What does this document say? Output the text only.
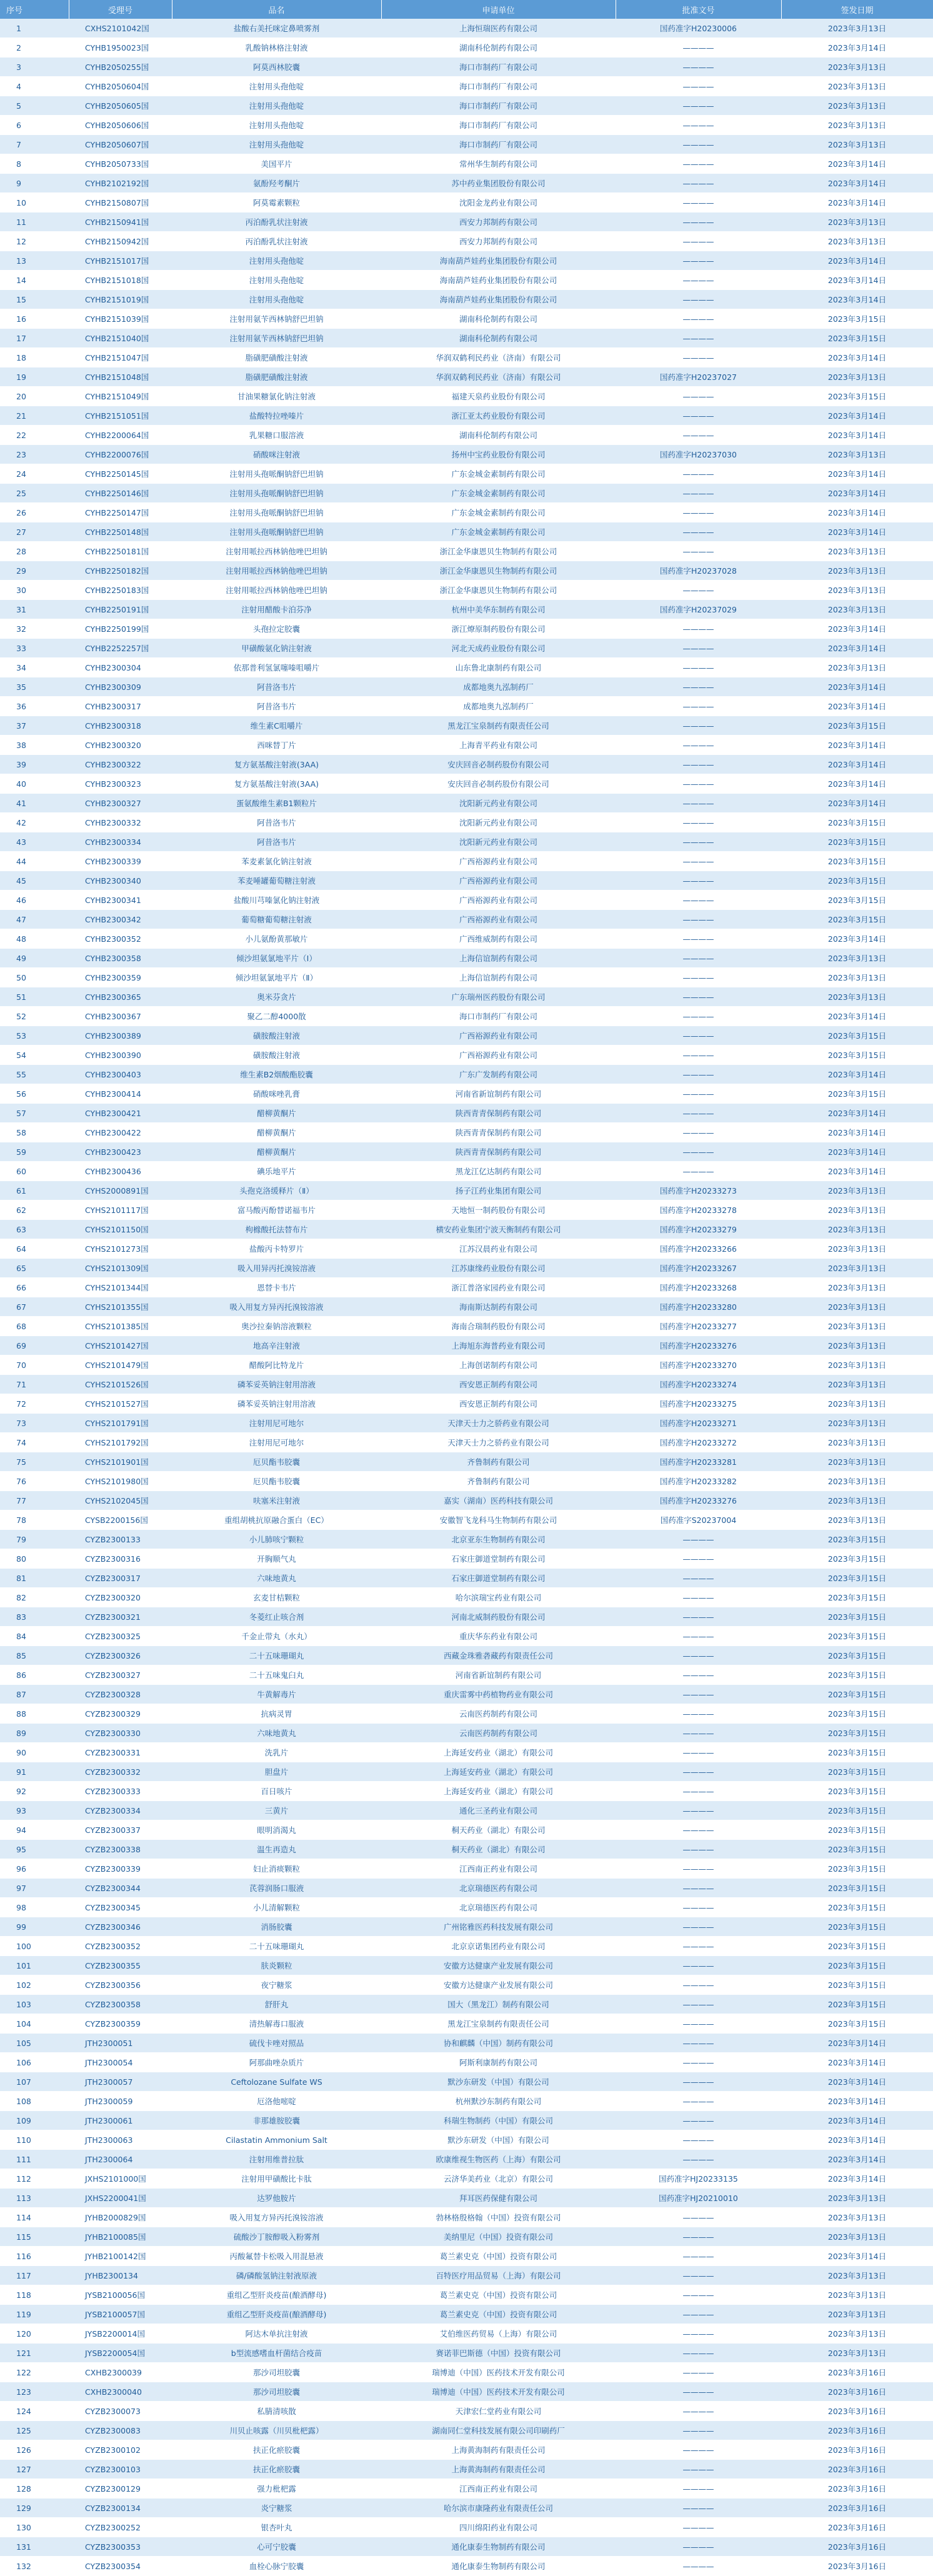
序号	受理号	品名	申请单位	批准文号	签发日期
1	CXHS2101042国	盐酸右美托咪定鼻喷雾剂	上海恒瑞医药有限公司	国药准字H20230006	2023年3月13日
2	CYHB1950023国	乳酸钠林格注射液	湖南科伦制药有限公司	————	2023年3月14日
3	CYHB2050255国	阿莫西林胶囊	海口市制药厂有限公司	————	2023年3月13日
4	CYHB2050604国	注射用头孢他啶	海口市制药厂有限公司	————	2023年3月13日
5	CYHB2050605国	注射用头孢他啶	海口市制药厂有限公司	————	2023年3月13日
6	CYHB2050606国	注射用头孢他啶	海口市制药厂有限公司	————	2023年3月13日
7	CYHB2050607国	注射用头孢他啶	海口市制药厂有限公司	————	2023年3月13日
8	CYHB2050733国	美国平片	常州华生制药有限公司	————	2023年3月14日
9	CYHB2102192国	氨酚羟考酮片	苏中药业集团股份有限公司	————	2023年3月14日
10	CYHB2150807国	阿莫霉素颗粒	沈阳金龙药业有限公司	————	2023年3月14日
11	CYHB2150941国	丙泊酚乳状注射液	西安力邦制药有限公司	————	2023年3月13日
12	CYHB2150942国	丙泊酚乳状注射液	西安力邦制药有限公司	————	2023年3月13日
13	CYHB2151017国	注射用头孢他啶	海南葫芦娃药业集团股份有限公司	————	2023年3月14日
14	CYHB2151018国	注射用头孢他啶	海南葫芦娃药业集团股份有限公司	————	2023年3月14日
15	CYHB2151019国	注射用头孢他啶	海南葫芦娃药业集团股份有限公司	————	2023年3月14日
16	CYHB2151039国	注射用氨苄西林钠舒巴坦钠	湖南科伦制药有限公司	————	2023年3月15日
17	CYHB2151040国	注射用氨苄西林钠舒巴坦钠	湖南科伦制药有限公司	————	2023年3月15日
18	CYHB2151047国	脂磺肥磺酸注射液	华润双鹤利民药业（济南）有限公司	————	2023年3月14日
19	CYHB2151048国	脂磺肥磺酸注射液	华润双鹤利民药业（济南）有限公司	国药准字H20237027	2023年3月13日
20	CYHB2151049国	甘油果糖氯化钠注射液	福建天泉药业股份有限公司	————	2023年3月15日
21	CYHB2151051国	盐酸特拉唑嗪片	浙江亚太药业股份有限公司	————	2023年3月14日
22	CYHB2200064国	乳果糖口服溶液	湖南科伦制药有限公司	————	2023年3月14日
23	CYHB2200076国	硝酸咪注射液	扬州中宝药业股份有限公司	国药准字H20237030	2023年3月13日
24	CYHB2250145国	注射用头孢哌酮钠舒巴坦钠	广东金城金素制药有限公司	————	2023年3月14日
25	CYHB2250146国	注射用头孢哌酮钠舒巴坦钠	广东金城金素制药有限公司	————	2023年3月14日
26	CYHB2250147国	注射用头孢哌酮钠舒巴坦钠	广东金城金素制药有限公司	————	2023年3月14日
27	CYHB2250148国	注射用头孢哌酮钠舒巴坦钠	广东金城金素制药有限公司	————	2023年3月14日
28	CYHB2250181国	注射用哌拉西林钠他唑巴坦钠	浙江金华康恩贝生物制药有限公司	————	2023年3月13日
29	CYHB2250182国	注射用哌拉西林钠他唑巴坦钠	浙江金华康恩贝生物制药有限公司	国药准字H20237028	2023年3月13日
30	CYHB2250183国	注射用哌拉西林钠他唑巴坦钠	浙江金华康恩贝生物制药有限公司	————	2023年3月13日
31	CYHB2250191国	注射用醋酸卡泊芬净	杭州中美华东制药有限公司	国药准字H20237029	2023年3月13日
32	CYHB2250199国	头孢拉定胶囊	浙江燎原制药股份有限公司	————	2023年3月14日
33	CYHB2252257国	甲磺酸氨化钠注射液	河北天成药业股份有限公司	————	2023年3月14日
34	CYHB2300304	依那普利氢氯噻嗪咀嚼片	山东鲁北康制药有限公司	————	2023年3月13日
35	CYHB2300309	阿昔洛韦片	成都地奥九泓制药厂	————	2023年3月14日
36	CYHB2300317	阿昔洛韦片	成都地奥九泓制药厂	————	2023年3月14日
37	CYHB2300318	维生素C咀嚼片	黑龙江宝泉制药有限责任公司	————	2023年3月15日
38	CYHB2300320	西咪替丁片	上海青平药业有限公司	————	2023年3月14日
39	CYHB2300322	复方氨基酸注射液(3AA)	安庆回音必制药股份有限公司	————	2023年3月14日
40	CYHB2300323	复方氨基酸注射液(3AA)	安庆回音必制药股份有限公司	————	2023年3月14日
41	CYHB2300327	蛋氨酸维生素B1颗粒片	沈阳新元药业有限公司	————	2023年3月14日
42	CYHB2300332	阿昔洛韦片	沈阳新元药业有限公司	————	2023年3月15日
43	CYHB2300334	阿昔洛韦片	沈阳新元药业有限公司	————	2023年3月15日
44	CYHB2300339	苯麦素氯化钠注射液	广西裕源药业有限公司	————	2023年3月15日
45	CYHB2300340	苯麦唾罐葡萄糖注射液	广西裕源药业有限公司	————	2023年3月15日
46	CYHB2300341	盐酸川芎嗪氯化钠注射液	广西裕源药业有限公司	————	2023年3月15日
47	CYHB2300342	葡萄糖葡萄糖注射液	广西裕源药业有限公司	————	2023年3月15日
48	CYHB2300352	小儿氨酚黄那敏片	广西维威制药有限公司	————	2023年3月14日
49	CYHB2300358	倾沙坦氨氯地平片（Ⅰ）	上海信谊制药有限公司	————	2023年3月13日
50	CYHB2300359	倾沙坦氨氯地平片（Ⅱ）	上海信谊制药有限公司	————	2023年3月13日
51	CYHB2300365	奥米芬贪片	广东瑞州医药股份有限公司	————	2023年3月13日
52	CYHB2300367	聚乙二醇4000散	海口市制药厂有限公司	————	2023年3月14日
53	CYHB2300389	磺胺酸注射液	广西裕源药业有限公司	————	2023年3月15日
54	CYHB2300390	磺胺酸注射液	广西裕源药业有限公司	————	2023年3月15日
55	CYHB2300403	维生素B2烟酸酯胶囊	广东广发制药有限公司	————	2023年3月14日
56	CYHB2300414	硝酸咪唑乳膏	河南省新谊制药有限公司	————	2023年3月15日
57	CYHB2300421	醋柳黄酮片	陕西青青保制药有限公司	————	2023年3月14日
58	CYHB2300422	醋柳黄酮片	陕西青青保制药有限公司	————	2023年3月14日
59	CYHB2300423	醋柳黄酮片	陕西青青保制药有限公司	————	2023年3月14日
60	CYHB2300436	碘乐地平片	黑龙江亿达制药有限公司	————	2023年3月14日
61	CYHS2000891国	头孢克洛缓释片（Ⅱ）	扬子江药业集团有限公司	国药准字H20233273	2023年3月13日
62	CYHS2101117国	富马酸丙酚替诺福韦片	天地恒一制药股份有限公司	国药准字H20233278	2023年3月13日
63	CYHS2101150国	枸橼酸托法替布片	横安药业集团宁波天衡制药有限公司	国药准字H20233279	2023年3月13日
64	CYHS2101273国	盐酸丙卡特罗片	江苏汉晨药业有限公司	国药准字H20233266	2023年3月13日
65	CYHS2101309国	吸入用异丙托溴铵溶液	江苏康缘药业股份有限公司	国药准字H20233267	2023年3月13日
66	CYHS2101344国	恩替卡韦片	浙江普洛家园药业有限公司	国药准字H20233268	2023年3月13日
67	CYHS2101355国	吸入用复方异丙托溴铵溶液	海南斯达制药有限公司	国药准字H20233280	2023年3月13日
68	CYHS2101385国	奥沙拉秦钠溶液颗粒	海南合瑞制药股份有限公司	国药准字H20233277	2023年3月13日
69	CYHS2101427国	地高辛注射液	上海旭东海普药业有限公司	国药准字H20233276	2023年3月13日
70	CYHS2101479国	醋酸阿比特龙片	上海创诺制药有限公司	国药准字H20233270	2023年3月13日
71	CYHS2101526国	磷苯妥英钠注射用溶液	西安恩正制药有限公司	国药准字H20233274	2023年3月13日
72	CYHS2101527国	磷苯妥英钠注射用溶液	西安恩正制药有限公司	国药准字H20233275	2023年3月13日
73	CYHS2101791国	注射用尼可地尔	天津天士力之骄药业有限公司	国药准字H20233271	2023年3月13日
74	CYHS2101792国	注射用尼可地尔	天津天士力之骄药业有限公司	国药准字H20233272	2023年3月13日
75	CYHS2101901国	厄贝酯韦胶囊	齐鲁制药有限公司	国药准字H20233281	2023年3月13日
76	CYHS2101980国	厄贝酯韦胶囊	齐鲁制药有限公司	国药准字H20233282	2023年3月13日
77	CYHS2102045国	呋塞米注射液	嘉实（湖南）医药科技有限公司	国药准字H20233276	2023年3月13日
78	CYSB2200156国	重组胡桃抗原融合蛋白（EC）	安徽智飞龙科马生物制药有限公司	国药准字S20237004	2023年3月13日
79	CYZB2300133	小儿肺咳宁颗粒	北京亚东生物制药有限公司	————	2023年3月15日
80	CYZB2300316	开胸顺气丸	石家庄御道堂制药有限公司	————	2023年3月15日
81	CYZB2300317	六味地黄丸	石家庄御道堂制药有限公司	————	2023年3月15日
82	CYZB2300320	玄麦甘桔颗粒	哈尔滨瑞宝药业有限公司	————	2023年3月15日
83	CYZB2300321	冬菱红止咳合剂	河南北威制药股份有限公司	————	2023年3月15日
84	CYZB2300325	千金止带丸（水丸）	重庆华东药业有限公司	————	2023年3月15日
85	CYZB2300326	二十五味珊瑚丸	西藏金珠雅砻藏药有限责任公司	————	2023年3月15日
86	CYZB2300327	二十五味鬼臼丸	河南省新谊制药有限公司	————	2023年3月15日
87	CYZB2300328	牛黄解毒片	重庆雷雾中药植物药业有限公司	————	2023年3月15日
88	CYZB2300329	抗病灵胃	云南医药制药有限公司	————	2023年3月15日
89	CYZB2300330	六味地黄丸	云南医药制药有限公司	————	2023年3月15日
90	CYZB2300331	洗乳片	上海延安药业（湖北）有限公司	————	2023年3月15日
91	CYZB2300332	胆盘片	上海延安药业（湖北）有限公司	————	2023年3月15日
92	CYZB2300333	百日咳片	上海延安药业（湖北）有限公司	————	2023年3月15日
93	CYZB2300334	三黄片	通化三圣药业有限公司	————	2023年3月15日
94	CYZB2300337	眼明消渴丸	桐天药业（湖北）有限公司	————	2023年3月15日
95	CYZB2300338	温生再造丸	桐天药业（湖北）有限公司	————	2023年3月15日
96	CYZB2300339	妇止消痰颗粒	江西南正药业有限公司	————	2023年3月15日
97	CYZB2300344	芪蓉润肠口服液	北京瑞德医药有限公司	————	2023年3月15日
98	CYZB2300345	小儿清解颗粒	北京瑞德医药有限公司	————	2023年3月15日
99	CYZB2300346	消肠胶囊	广州铭雅医药科技发展有限公司	————	2023年3月15日
100	CYZB2300352	二十五味珊瑚丸	北京京诺集团药业有限公司	————	2023年3月15日
101	CYZB2300355	肤炎颗粒	安徽方达健康产业发展有限公司	————	2023年3月15日
102	CYZB2300356	夜宁糖浆	安徽方达健康产业发展有限公司	————	2023年3月15日
103	CYZB2300358	舒肝丸	国大（黑龙江）制药有限公司	————	2023年3月15日
104	CYZB2300359	清热解毒口服液	黑龙江宝泉制药有限责任公司	————	2023年3月15日
105	JTH2300051	硫伐卡唑对照品	协和麒麟（中国）制药有限公司	————	2023年3月14日
106	JTH2300054	阿那曲唑杂质片	阿斯利康制药有限公司	————	2023年3月14日
107	JTH2300057	Ceftolozane Sulfate WS	默沙东研发（中国）有限公司	————	2023年3月14日
108	JTH2300059	厄洛他嘧啶	杭州默沙东制药有限公司	————	2023年3月14日
109	JTH2300061	非那雄胺胶囊	科瑞生物制药（中国）有限公司	————	2023年3月14日
110	JTH2300063	Cilastatin Ammonium Salt	默沙东研发（中国）有限公司	————	2023年3月14日
111	JTH2300064	注射用维普拉肽	欧康维视生物医药（上海）有限公司	————	2023年3月14日
112	JXHS2101000国	注射用甲磺酸比卡肽	云济华美药业（北京）有限公司	国药准字HJ20233135	2023年3月14日
113	JXHS2200041国	达罗他胺片	拜耳医药保健有限公司	国药准字HJ20210010	2023年3月13日
114	JYHB2000829国	吸入用复方异丙托溴铵溶液	勃林格殷格翰（中国）投资有限公司	————	2023年3月13日
115	JYHB2100085国	硫酸沙丁胺醇吸入粉雾剂	美纳里尼（中国）投资有限公司	————	2023年3月13日
116	JYHB2100142国	丙酸氟替卡松吸入用混悬液	葛兰素史克（中国）投资有限公司	————	2023年3月14日
117	JYHB2300134	磷/磷酸氢钠注射液原液	百特医疗用品贸易（上海）有限公司	————	2023年3月13日
118	JYSB2100056国	重组乙型肝炎疫苗(酿酒酵母)	葛兰素史克（中国）投资有限公司	————	2023年3月13日
119	JYSB2100057国	重组乙型肝炎疫苗(酿酒酵母)	葛兰素史克（中国）投资有限公司	————	2023年3月13日
120	JYSB2200014国	阿达木单抗注射液	艾伯维医药贸易（上海）有限公司	————	2023年3月13日
121	JYSB2200054国	b型流感嗜血杆菌结合疫苗	赛诺菲巴斯德（中国）投资有限公司	————	2023年3月13日
122	CXHB2300039	那沙司坦胶囊	瑞博迪（中国）医药技术开发有限公司	————	2023年3月16日
123	CXHB2300040	那沙司坦胶囊	瑞博迪（中国）医药技术开发有限公司	————	2023年3月16日
124	CYZB2300073	私腈清咳散	天津宏仁堂药业有限公司	————	2023年3月16日
125	CYZB2300083	川贝止咳露（川贝枇杷露）	湖南同仁堂科技发展有限公司印刷药厂	————	2023年3月16日
126	CYZB2300102	扶正化瘀胶囊	上海黄海制药有限责任公司	————	2023年3月16日
127	CYZB2300103	扶正化瘀胶囊	上海黄海制药有限责任公司	————	2023年3月16日
128	CYZB2300129	强力枇杷露	江西南正药业有限公司	————	2023年3月16日
129	CYZB2300134	炎宁糖浆	哈尔滨市康隆药业有限责任公司	————	2023年3月16日
130	CYZB2300252	银杏叶丸	四川绵阳药业有限公司	————	2023年3月16日
131	CYZB2300353	心可宁胶囊	通化康泰生物制药有限公司	————	2023年3月16日
132	CYZB2300354	血栓心脉宁胶囊	通化康泰生物制药有限公司	————	2023年3月16日
